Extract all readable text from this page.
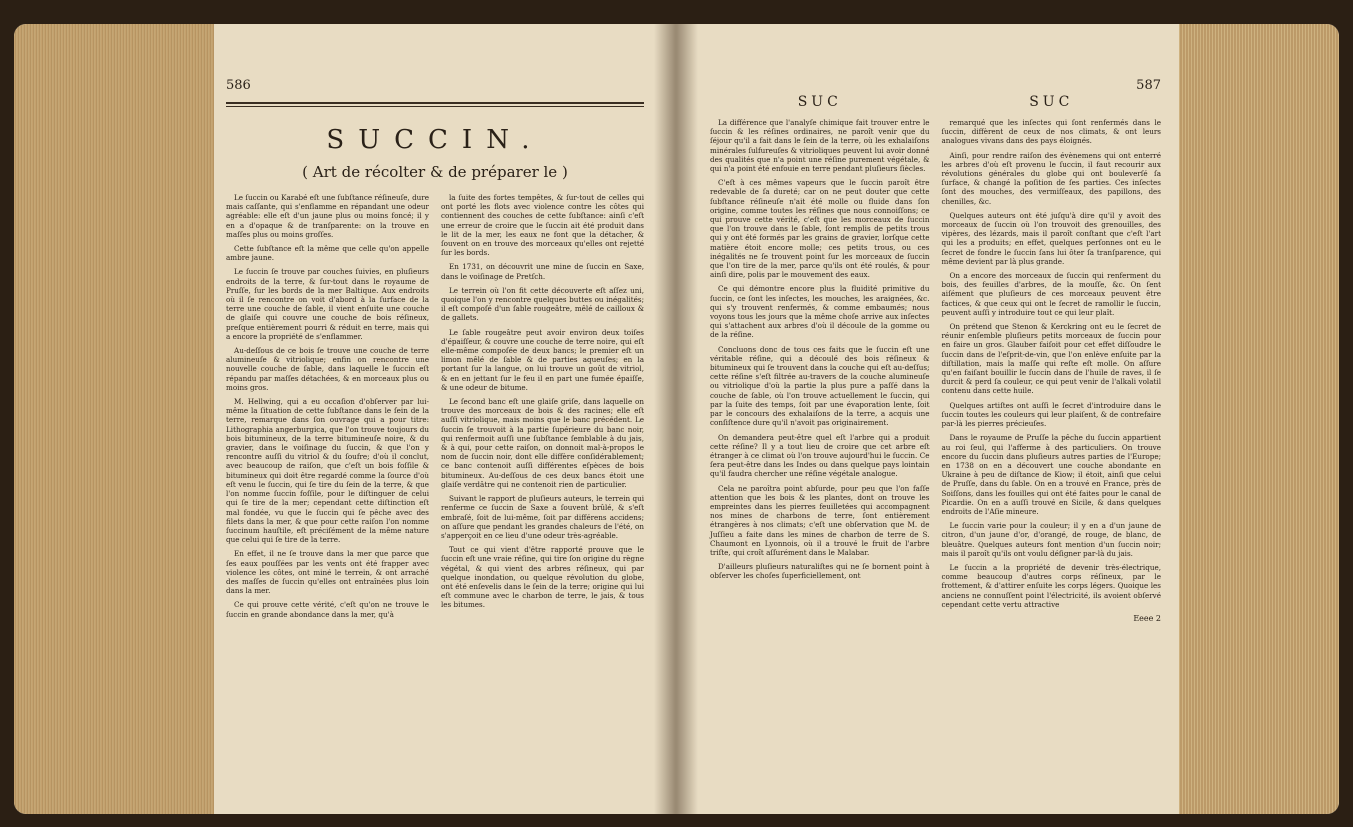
586
SUCCIN.
( Art de récolter & de préparer le )

Le ſuccin ou Karabé eſt une ſubſtance réſineuſe, dure mais caſſante, qui s'enflamme en répandant une odeur agréable: elle eſt d'un jaune plus ou moins foncé; il y en a d'opaque & de tranſparente: on la trouve en maſſes plus ou moins groſſes.

Cette ſubſtance eſt la même que celle qu'on appelle ambre jaune.

Le ſuccin ſe trouve par couches ſuivies, en pluſieurs endroits de la terre, & ſur-tout dans le royaume de Pruſſe, ſur les bords de la mer Baltique. Aux endroits où il ſe rencontre on voit d'abord à la ſurface de la terre une couche de ſable, il vient enſuite une couche de glaiſe qui couvre une couche de bois réſineux, preſque entièrement pourri & réduit en terre, mais qui a encore la propriété de s'enflammer.

Au-deſſous de ce bois ſe trouve une couche de terre alumineuſe & vitriolique; enfin on rencontre une nouvelle couche de ſable, dans laquelle le ſuccin eſt répandu par maſſes détachées, & en morceaux plus ou moins gros.

M. Hellwing, qui a eu occaſion d'obſerver par lui-même la ſituation de cette ſubſtance dans le ſein de la terre, remarque dans ſon ouvrage qui a pour titre: Lithographia angerburgica, que l'on trouve toujours du bois bitumineux, de la terre bitumineuſe noire, & du gravier, dans le voiſinage du ſuccin, & que l'on y rencontre auſſi du vitriol & du ſoufre; d'où il conclut, avec beaucoup de raiſon, que c'eſt un bois foſſile & bitumineux qui doit être regardé comme la ſource d'où eſt venu le ſuccin, qui ſe tire du ſein de la terre, & que l'on nomme ſuccin foſſile, pour le diſtinguer de celui qui ſe tire de la mer; cependant cette diſtinction eſt mal fondée, vu que le ſuccin qui ſe pêche avec des filets dans la mer, & que pour cette raiſon l'on nomme ſuccinum hauſtile, eſt préciſément de la même nature que celui qui ſe tire de la terre.

En effet, il ne ſe trouve dans la mer que parce que ſes eaux pouſſées par les vents ont été frapper avec violence les côtes, ont miné le terrein, & ont arraché des maſſes de ſuccin qu'elles ont entraînées plus loin dans la mer.

Ce qui prouve cette vérité, c'eſt qu'on ne trouve le ſuccin en grande abondance dans la mer, qu'à

la ſuite des fortes tempêtes, & ſur-tout de celles qui ont porté les flots avec violence contre les côtes qui contiennent des couches de cette ſubſtance: ainſi c'eſt une erreur de croire que le ſuccin ait été produit dans le lit de la mer, les eaux ne font que la détacher, & ſouvent on en trouve des morceaux qu'elles ont rejetté ſur les bords.

En 1731, on découvrit une mine de ſuccin en Saxe, dans le voiſinage de Pretſch.

Le terrein où l'on fit cette découverte eſt aſſez uni, quoique l'on y rencontre quelques buttes ou inégalités; il eſt compoſé d'un ſable rougeâtre, mêlé de cailloux & de gallets.

Le ſable rougeâtre peut avoir environ deux toiſes d'épaiſſeur, & couvre une couche de terre noire, qui eſt elle-même compoſée de deux bancs; le premier eſt un limon mêlé de ſable & de parties aqueuſes; en la portant ſur la langue, on lui trouve un goût de vitriol, & en en jettant ſur le feu il en part une fumée épaiſſe, & une odeur de bitume.

Le ſecond banc eſt une glaiſe griſe, dans laquelle on trouve des morceaux de bois & des racines; elle eſt auſſi vitriolique, mais moins que le banc précédent. Le ſuccin ſe trouvoit à la partie ſupérieure du banc noir, qui renfermoit auſſi une ſubſtance ſemblable à du jais, & à qui, pour cette raiſon, on donnoit mal-à-propos le nom de ſuccin noir, dont elle diffère conſidérablement; ce banc contenoit auſſi différentes eſpèces de bois bitumineux. Au-deſſous de ces deux bancs étoit une glaiſe verdâtre qui ne contenoit rien de particulier.

Suivant le rapport de pluſieurs auteurs, le terrein qui renferme ce ſuccin de Saxe a ſouvent brûlé, & s'eſt embraſé, ſoit de lui-même, ſoit par différens accidens; on aſſure que pendant les grandes chaleurs de l'été, on s'apperçoit en ce lieu d'une odeur très-agréable.

Tout ce qui vient d'être rapporté prouve que le ſuccin eſt une vraie réſine, qui tire ſon origine du règne végétal, & qui vient des arbres réſineux, qui par quelque inondation, ou quelque révolution du globe, ont été enſevelis dans le ſein de la terre; origine qui lui eſt commune avec le charbon de terre, le jais, & tous les bitumes.

587
SUC	SUC

La différence que l'analyſe chimique fait trouver entre le ſuccin & les réſines ordinaires, ne paroît venir que du ſéjour qu'il a fait dans le ſein de la terre, où les exhalaiſons minérales ſulfureuſes & vitrioliques peuvent lui avoir donné des qualités que n'a point une réſine purement végétale, & qui n'a point été enfouie en terre pendant pluſieurs ſiècles.

C'eſt à ces mêmes vapeurs que le ſuccin paroît être redevable de ſa dureté; car on ne peut douter que cette ſubſtance réſineuſe n'ait été molle ou fluide dans ſon origine, comme toutes les réſines que nous connoiſſons; ce qui prouve cette vérité, c'eſt que les morceaux de ſuccin que l'on trouve dans le ſable, ſont remplis de petits trous qui y ont été formés par les grains de gravier, lorſque cette matière étoit encore molle; ces petits trous, ou ces inégalités ne ſe trouvent point ſur les morceaux de ſuccin que l'on tire de la mer, parce qu'ils ont été roulés, & pour ainſi dire, polis par le mouvement des eaux.

Ce qui démontre encore plus la fluidité primitive du ſuccin, ce ſont les inſectes, les mouches, les araignées, &c. qui s'y trouvent renfermés, & comme embaumés; nous voyons tous les jours que la même choſe arrive aux inſectes qui s'attachent aux arbres d'où il découle de la gomme ou de la réſine.

Concluons donc de tous ces faits que le ſuccin eſt une véritable réſine, qui a découlé des bois réſineux & bitumineux qui ſe trouvent dans la couche qui eſt au-deſſus; cette réſine s'eſt filtrée au-travers de la couche alumineuſe ou vitriolique d'où la partie la plus pure a paſſé dans la couche de ſable, où l'on trouve actuellement le ſuccin, qui par la ſuite des temps, ſoit par une évaporation lente, ſoit par le concours des exhalaiſons de la terre, a acquis une conſiſtence dure qu'il n'avoit pas originairement.

On demandera peut-être quel eſt l'arbre qui a produit cette réſine? Il y a tout lieu de croire que cet arbre eſt étranger à ce climat où l'on trouve aujourd'hui le ſuccin. Ce ſera peut-être dans les Indes ou dans quelque pays lointain qu'il faudra chercher une réſine végétale analogue.

Cela ne paroîtra point abſurde, pour peu que l'on faſſe attention que les bois & les plantes, dont on trouve les empreintes dans les pierres feuilletées qui accompagnent nos mines de charbons de terre, ſont entièrement étrangères à nos climats; c'eſt une obſervation que M. de Juſſieu a faite dans les mines de charbon de terre de S. Chaumont en Lyonnois, où il a trouvé le fruit de l'arbre triſte, qui croît aſſurément dans le Malabar.

D'ailleurs pluſieurs naturaliſtes qui ne ſe bornent point à obſerver les choſes ſuperficiellement, ont

remarqué que les inſectes qui ſont renfermés dans le ſuccin, diffèrent de ceux de nos climats, & ont leurs analogues vivans dans des pays éloignés.

Ainſi, pour rendre raiſon des évènemens qui ont enterré les arbres d'où eſt provenu le ſuccin, il faut recourir aux révolutions générales du globe qui ont bouleverſé ſa ſurface, & changé la poſition de ſes parties. Ces inſectes ſont des mouches, des vermiſſeaux, des papillons, des chenilles, &c.

Quelques auteurs ont été juſqu'à dire qu'il y avoit des morceaux de ſuccin où l'on trouvoit des grenouilles, des vipères, des lézards, mais il paroît conſtant que c'eſt l'art qui les a produits; en effet, quelques perſonnes ont eu le ſecret de fondre le ſuccin ſans lui ôter ſa tranſparence, qui même devient par là plus grande.

On a encore des morceaux de ſuccin qui renferment du bois, des feuilles d'arbres, de la mouſſe, &c. On ſent aiſément que pluſieurs de ces morceaux peuvent être factices, & que ceux qui ont le ſecret de ramollir le ſuccin, peuvent auſſi y introduire tout ce qui leur plaît.

On prétend que Stenon & Kerckring ont eu le ſecret de réunir enſemble pluſieurs petits morceaux de ſuccin pour en faire un gros. Glauber faiſoit pour cet effet diſſoudre le ſuccin dans de l'eſprit-de-vin, que l'on enlève enſuite par la diſtillation, mais la maſſe qui reſte eſt molle. On aſſure qu'en faiſant bouillir le ſuccin dans de l'huile de raves, il ſe durcit & perd ſa couleur, ce qui peut venir de l'alkali volatil contenu dans cette huile.

Quelques artiſtes ont auſſi le ſecret d'introduire dans le ſuccin toutes les couleurs qui leur plaiſent, & de contrefaire par-là les pierres précieuſes.

Dans le royaume de Pruſſe la pêche du ſuccin appartient au roi ſeul, qui l'afferme à des particuliers. On trouve encore du ſuccin dans pluſieurs autres parties de l'Europe; en 1738 on en a découvert une couche abondante en Ukraine à peu de diſtance de Kiow; il étoit, ainſi que celui de Pruſſe, dans du ſable. On en a trouvé en France, près de Soiſſons, dans les fouilles qui ont été faites pour le canal de Picardie. On en a auſſi trouvé en Sicile, & dans quelques endroits de l'Aſie mineure.

Le ſuccin varie pour la couleur; il y en a d'un jaune de citron, d'un jaune d'or, d'orangé, de rouge, de blanc, de bleuâtre. Quelques auteurs font mention d'un ſuccin noir; mais il paroît qu'ils ont voulu déſigner par-là du jais.

Le ſuccin a la propriété de devenir très-électrique, comme beaucoup d'autres corps réſineux, par le frottement, & d'attirer enſuite les corps légers. Quoique les anciens ne connuſſent point l'électricité, ils avoient obſervé cependant cette vertu attractive

Eeee 2
